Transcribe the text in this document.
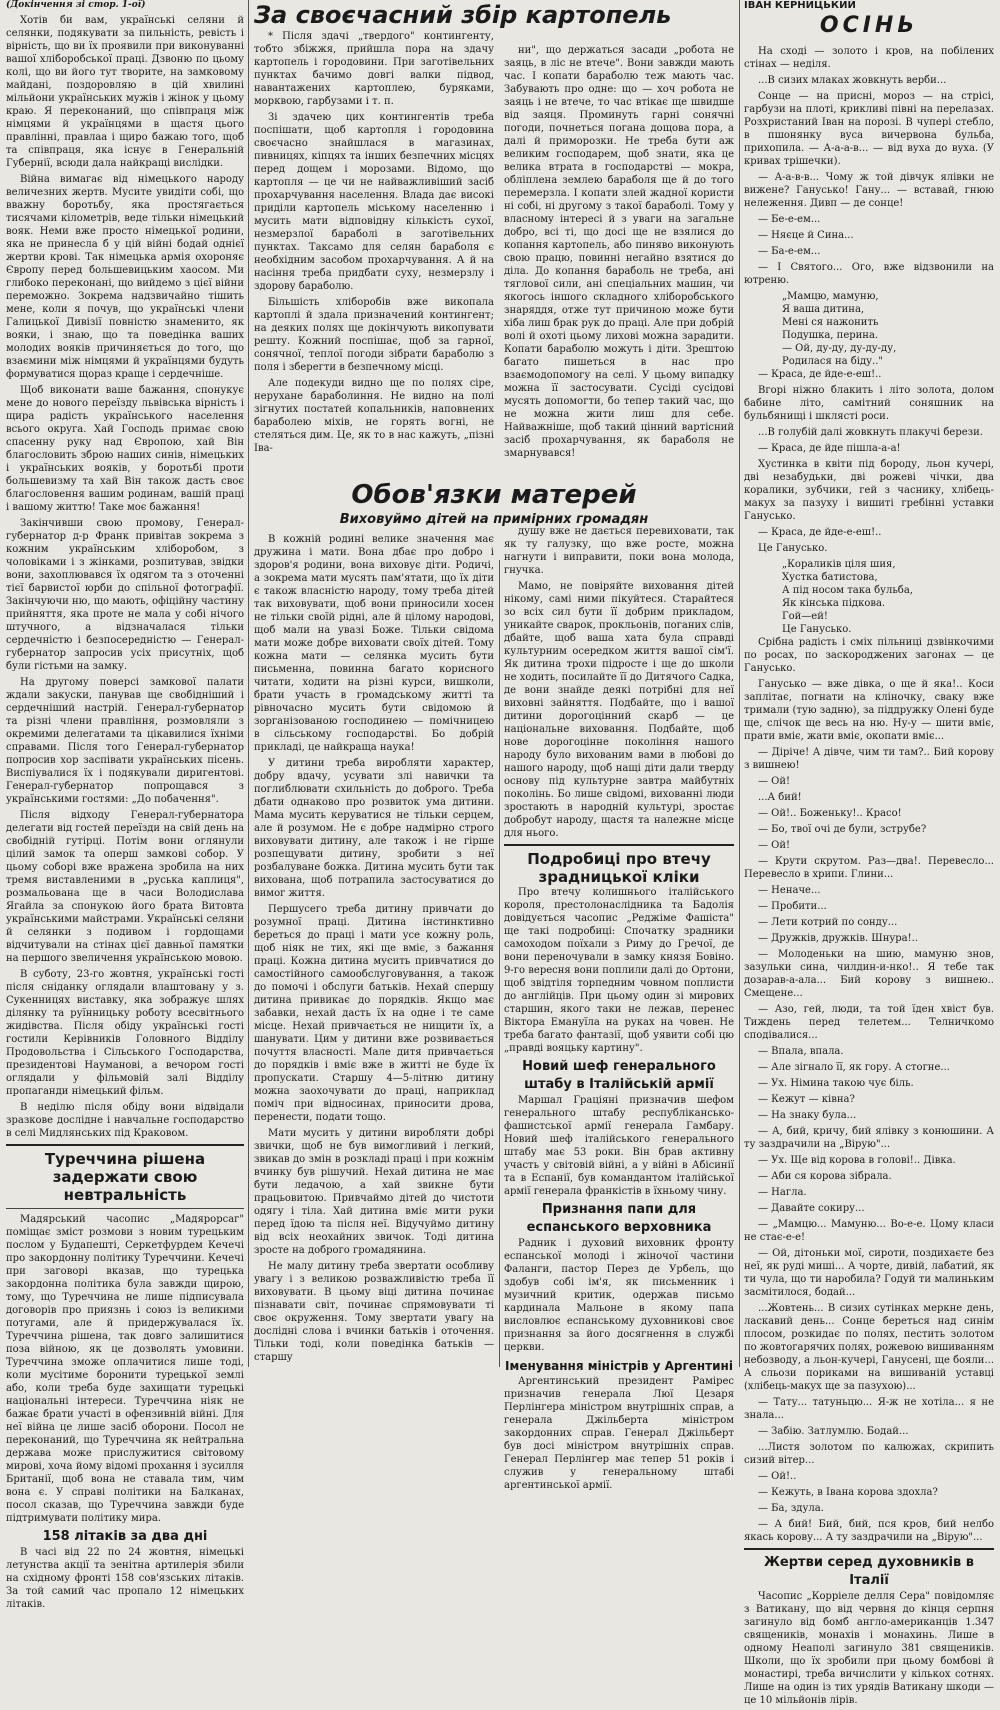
(Докінчення зі стор. 1-ої)

Хотів би вам, українські селяни й селянки, подякувати за пильність, ревість і вірність, що ви їх проявили при виконуванні вашої хліборобської праці. Дзвоню по цьому колі, що ви його тут творите, на замковому майдані, поздоровляю в цій хвилині мільйони українських мужів і жінок у цьому краю. Я переконаний, що співпраця між німцями й українцями в щастя цього правлінні, правлаа і щиро бажаю того, щоб та співпраця, яка існує в Генеральній Губернії, всюди дала найкращі вислідки.

Війна вимагає від німецького народу величезних жертв. Мусите увидіти собі, що вважну боротьбу, яка простягається тисячами кілометрів, веде тільки німецький вояк. Неми вже просто німецької родини, яка не принесла б у цій війні бодай однієї жертви крові. Так німецька армія охороняє Європу перед большевицьким хаосом. Ми глибоко переконані, що вийдемо з цієї війни переможно. Зокрема надзвичайно тішить мене, коли я почув, що українські члени Галицької Дивізії повністю знаменито, як вояки, і знаю, що та поведінка ваших молодих вояків причиняється до того, що взаємини між німцями й українцями будуть формуватися щораз краще і сердечніше.

Щоб виконати ваше бажання, спонукує мене до нового переїзду львівська вірність і щира радість українського населення всього округа. Хай Господь примає свою спасенну руку над Європою, хай Він благословить зброю наших синів, німецьких і українських вояків, у боротьбі проти большевизму та хай Він також дасть своє благословення вашим родинам, вашій праці і вашому життю! Таке моє бажання!

Закінчивши свою промову, Генерал-губернатор д-р Франк привітав зокрема з кожним українським хліборобом, з чоловіками і з жінками, розпитував, звідки вони, захоплювався їх одягом та з оточенні тієї барвистої юрби до спільної фотографії. Закінчуючи ню, що мають, офіційну частину прийняття, яка проте не мала у собі нічого штучного, а відзначалася тільки сердечністю і безпосередністю — Генерал-губернатор запросив усіх присутніх, щоб були гістьми на замку.

На другому поверсі замкової палати ждали закуски, панував ще свобідніший і сердечніший настрій. Генерал-губернатор та різні члени правління, розмовляли з окремими делегатами та цікавилися їхніми справами. Після того Генерал-губернатор попросив хор заспівати українських пісень. Виспіувалися їх і подякували диригентові. Генерал-губернатор попрощався з українськими гостями: „До побачення".

Після відходу Генерал-губернатора делегати від гостей переїзди на свій день на свобідній гутірці. Потім вони оглянули цілий замок та оперш замкові собор. У цьому соборі вже вражена зробила на них тремя виставленими в „руська каплиця", розмальована ще в часи Володислава Ягайла за спонукою його брата Витовта українськими майстрами. Українські селяни й селянки з подивом і гордощами відчитували на стінах цієї давньої памятки на першого звеличення українською мовою.

В суботу, 23-го жовтня, українські гості після сніданку оглядали влаштовану у з. Сукенницях виставку, яка зображує шлях ділянку та руїнницьку роботу всесвітнього жидівства. Після обіду українські гості гостили Керівників Головного Відділу Продовольства і Сільського Господарства, президентові Науманові, а вечором гості оглядали у фільмовій залі Відділу пропаганди німецький фільм.

В неділю після обіду вони відвідали зразкове дослідне і навчальне господарство в селі Мидлянських під Краковом.

Туреччина рішена задержати свою невтральність

Мадярський часопис „Мадярорсаг" поміщає зміст розмови з новим турецьким послом у Будапешті, Серкетфурдем Кечечі про закордонну політику Туреччини. Кечечі при заговорі вказав, що турецька закордонна політика була завжди щирою, тому, що Туреччина не лише підписувала договорів про приязнь і союз із великими потугами, але й придержувалася їх. Туреччина рішена, так довго залишитися поза війною, як це дозволять умовини. Туреччина зможе оплачитися лише тоді, коли мусітиме боронити турецької землі або, коли треба буде захищати турецькі національні інтереси. Туреччина ніяк не бажає брати участі в офензивній війні. Для неї війна це лише засіб оборони. Посол не переконаний, що Туреччина як нейтральна держава може прислужитися світовому мирові, хоча йому відомі прохання і зусилля Британії, щоб вона не ставала тим, чим вона є. У справі політики на Балканах, посол сказав, що Туреччина завжди буде підтримувати політику мира.

158 літаків за два дні

В часі від 22 по 24 жовтня, німецькі летунства акції та зенітна артилерія збили на східному фронті 158 сов'язських літаків. За той самий час пропало 12 німецьких літаків.

За своєчасний збір картопель

* Після здачі „твердого" контингенту, тобто збіжжя, прийшла пора на здачу картопель і городовини. При заготівельних пунктах бачимо довгі валки підвод, навантажених картоплею, буряками, морквою, гарбузами і т. п.

Зі здачею цих контингентів треба поспішати, щоб картопля і городовина своєчасно знайшлася в магазинах, пивницях, кіпцях та інших безпечних місцях перед дощем і морозами. Відомо, що картопля — це чи не найважливіший засіб прохарчування населення. Влада дає високі приділи картопель міському населенню і мусить мати відповідну кількість сухої, незмерзлої бараболі в заготівельних пунктах. Таксамо для селян бараболя є необхідним засобом прохарчування. А й на насіння треба придбати суху, незмерзлу і здорову бараболю.

Більшість хліборобів вже викопала картоплі й здала призначений контингент; на деяких полях ще докінчують викопувати решту. Кожний поспішає, щоб за гарної, сонячної, теплої погоди зібрати бараболю з поля і зберегти в безпечному місці.

Але подекуди видно ще по полях сіре, нерухане бараболиння. Не видно на полі зігнутих постатей копальників, наповнених бараболею міхів, не горять вогні, не стеляться дим. Це, як то в нас кажуть, „пізні Іва-

Обов'язки матерей
Виховуймо дітей на примірних громадян

В кожній родині велике значення має дружина і мати. Вона дбає про добро і здоров'я родини, вона виховує діти. Родичі, а зокрема мати мусять пам'ятати, що їх діти є також власністю народу, тому треба дітей так виховувати, щоб вони приносили хосен не тільки своїй рідні, але й цілому народові, щоб мали на увазі Боже. Тільки свідома мати може добре виховати своїх дітей. Тому кожна мати — селянка мусить бути письменна, повинна багато корисного читати, ходити на різні курси, вишколи, брати участь в громадському житті та рівночасно мусить бути свідомою й зорганізованою господинею — помічницею в сільському господарстві. Бо добрій прикладі, це найкраща наука!

У дитини треба виробляти характер, добру вдачу, усувати злі навички та поглиблювати схильність до доброго. Треба дбати однаково про розвиток ума дитини. Мама мусить керуватися не тільки серцем, але й розумом. Не є добре надмірно строго виховувати дитину, але також і не гірше розпещувати дитину, зробити з неї розбалуване божка. Дитина мусить бути так вихована, щоб потрапила застосуватися до вимог життя.

Першусего треба дитину привчати до розумної праці. Дитина інстинктивно береться до праці і мати усе кожну роль, щоб ніяк не тих, які ще вміє, з бажання праці. Кожна дитина мусить привчатися до самостійного самообслуговування, а також до помочі і обслуги батьків. Нехай спершу дитина привикає до порядків. Якщо має забавки, нехай дасть їх на одне і те саме місце. Нехай привчається не нищити їх, а шанувати. Цим у дитини вже розвивається почуття власності. Мале дитя привчається до порядків і вміє вже в житті не буде їх пропускати. Старшу 4—5-літню дитину можна заохочувати до праці, наприклад поміч при відносинах, приносити дрова, перенести, подати тощо.

Мати мусить у дитини виробляти добрі звички, щоб не був вимогливий і легкий, звикав до змін в розкладі праці і при кожнім вчинку був рішучий. Нехай дитина не має бути ледачою, а хай звикне бути працьовитою. Привчаймо дітей до чистоти одягу і тіла. Хай дитина вміє мити руки перед їдою та після неї. Відучуймо дитину від всіх неохайних звичок. Тоді дитина зросте на доброго громадянина.

Не малу дитину треба звертати особливу увагу і з великою розважливістю треба її виховувати. В цьому віці дитина починає пізнавати світ, починає спрямовувати ті своє окруження. Тому звертати увагу на дослідні слова і вчинки батьків і оточення. Тільки тоді, коли поведінка батьків — старшу

ни", що держаться засади „робота не заяць, в ліс не втече". Вони завжди мають час. І копати бараболю теж мають час. Забувають про одне: що — хоч робота не заяць і не втече, то час втікає ще швидше від заяця. Проминуть гарні сонячні погоди, почнеться погана дощова пора, а далі й приморозки. Не треба бути аж великим господарем, щоб знати, яка це велика втрата в господарстві — мокра, обліплена землею бараболя ще й до того перемерзла. І копати злей жадної користи ні собі, ні другому з такої бараболі. Тому у власному інтересі й з уваги на загальне добро, всі ті, що досі ще не взялися до копання картопель, або пиняво виконують свою працю, повинні негайно взятися до діла. До копання бараболь не треба, ані тяглової сили, ані спеціальних машин, чи якогось іншого складного хліборобського знаряддя, отже тут причиною може бути хіба лиш брак рук до праці. Але при добрій волі й охоті цьому лихові можна зарадити. Копати бараболю можуть і діти. Зрештою багато пишеться в нас про взаємодопомогу на селі. У цьому випадку можна її застосувати. Сусіді сусідові мусять допомогти, бо тепер такий час, що не можна жити лиш для себе. Найважніше, щоб такий цінний вартісний засіб прохарчування, як бараболя не змарнувався!

душу вже не дається перевиховати, так як ту галузку, що вже росте, можна нагнути і виправити, поки вона молода, гнучка.

Мамо, не повіряйте виховання дітей нікому, самі ними пікуйтеся. Старайтеся зо всіх сил бути її добрим прикладом, уникайте сварок, прокльонів, поганих слів, дбайте, щоб ваша хата була справді культурним осередком життя вашої сім'ї. Як дитина трохи підросте і ще до школи не ходить, посилайте її до Дитячого Садка, де вони знайде деякі потрібні для неї виховні зайняття. Подбайте, що і вашої дитини дорогоцінний скарб — це національне виховання. Подбайте, щоб нове дорогоцінне покоління нашого народу було вихованим вами в любові до нашого народу, щоб нащі діти дали тверду основу під культурне завтра майбутніх поколінь. Бо лише свідомі, вихованні люди зростають в народній культурі, зростає добробут народу, щастя та належне місце для нього.

Подробиці про втечу зрадницької кліки

Про втечу колишнього італійського короля, престолонаслідника та Бадолія довідується часопис „Реджіме Фашіста" ще такі подробиці: Спочатку зрадники самоходом поїхали з Риму до Гречої, де вони переночували в замку князя Бовіно. 9-го вересня вони поплили далі до Ортони, щоб звідтіля торпедним човном поплисти до англійців. При цьому один зі мирових старшин, якого таки не лежав, перенес Віктора Емануїла на руках на човен. Не треба багато фантазії, щоб уявити собі цю „правді вояцьку картину".

Новий шеф генерального штабу в Італійській армії

Маршал Граціяні призначив шефом генерального штабу республікансько-фашистської армії генерала Гамбару. Новий шеф італійського генерального штабу має 53 роки. Він брав активну участь у світовій війні, а у війні в Абісинії та в Еспанії, був командантом італійської армії генерала франкістів в їхньому чину.

Признання папи для еспанського верховника

Радник і духовий виховник фронту еспанської молоді і жіночої частини Фаланги, пастор Перез де Урбель, що здобув собі ім'я, як письменник і музичний критик, одержав письмо кардинала Мальоне в якому папа висловлює еспанському духовникові своє признання за його досягнення в службі церкви.

Іменування міністрів у Аргентині

Аргентинський президент Раміреc призначив генерала Люї Цезаря Перлінгера міністром внутрішніх справ, а генерала Джільберта міністром закордонних справ. Генерал Джільберт був досі міністром внутрішніх справ. Генерал Перлінгер має тепер 51 років і служив у генеральному штабі аргентинської армії.

ІВАН КЕРНИЦЬКИЙ
ОСІНЬ

На сході — золото і кров, на побілених стінах — неділя.

...В сизих млаках жовкнуть верби...

Сонце — на присні, мороз — на стрісі, гарбузи на плоті, крикливі півні на перелазах. Розхристаний Іван на порозі. В чупері стебло, в пшонянку вуса вичервона бульба, прихопила. — А-а-а-в... — від вуха до вуха. (У кривах трішечки).

— А-а-в-в... Чому ж той дівчук ялівки не вижене? Ганусько! Гану... — вставай, гнюю нележення. Дивп — де сонце!

— Бе-е-ем...

— Няєце й Сина...

— Ба-е-ем...

— І Святого... Ого, вже відзвонили на ютреню.

„Мамцю, мамуню,

Я ваша дитина,

Мені ся нажонить

Подушка, перина.

— Ой, ду-ду, ду-ду-ду,

Родилася на біду.."

— Краса, де йде-е-еш!..

Вгорі ніжно блакить і літо золота, долом бабине літо, самітний соняшник на бульбянищі і шклясті роси.

...В голубій далі жовкнуть плакучі берези.

— Краса, де йде пішла-а-а!

Хустинка в квіти під бороду, льон кучері, дві незабудьки, дві рожеві чічки, два коралики, зубчики, гей з часнику, хлібець-макух за пазуху і вишиті гребінні уставки Ганусько.

— Краса, де йде-е-еш!..

Це Ганусько.

„Кораликів ціля шия,

Хустка батистова,

А під носом така бульба,

Як кінська підкова.

Гой—ей!

Це Ганусько.

Срібна радість і сміх пільниці дзвінкочими по росах, по заскороджених загонах — це Ганусько.

Ганусько — вже дівка, о ще й яка!.. Коси заплітає, погнати на кліночку, сваку вже тримали (тую задню), за піддружку Олені буде ще, слічок ще весь на ню. Ну-у — шити вміє, прати вміє, жати вміє, окопати вміє...

— Діріче! А дівче, чим ти там?.. Бий корову з вишнею!

— Ой!

...А бий!

— Ой!.. Боженьку!.. Красо!

— Бо, твої очі де були, зструбе?

— Ой!

— Крути скрутом. Раз—два!. Перевесло... Перевесло в хрипи. Глини...

— Неначе...

— Пробити...

— Лети котрий по сонду...

— Дружків, дружків. Шнура!..

— Молоденьки на шию, мамуню знов, зазульки сина, чилдин-и-нко!.. Я тебе так дозарав-а-ала... Бий корову з вишнею.. Смещене...

— Азо, гей, люди, та той їден хвіст був. Тиждень перед телетем... Телничкомо сподівалися...

— Впала, впала.

— Але зігнало її, як гору. А стогне...

— Ух. Німина такою чує біль.

— Кежут — ківна?

— На знаку була...

— А, бий, кричу, бий ялівку з конюшини. А ту заздрачили на „Вірую"...

— Ух. Ще від корова в голові!.. Дівка.

— Аби ся корова зібрала.

— Нагла.

— Давайте сокиру...

— „Мамцю... Мамуню... Во-е-е. Цому класи не стає-е-е!

— Ой, дітоньки мої, сироти, поздихаєте без неї, як руді миші... А чорте, дивій, лабатий, як ти чула, що ти наробила? Годуй ти малиньким засмітилося, бодай...

...Жовтень... В сизих сутінках меркне день, ласкавий день... Сонце береться над синім плосом, розкидає по полях, пестить золотом по жовтогарячих полях, рожевою вишиванням небозводу, а льон-кучері, Ганусені, ще бояли... А сльози пориками на вишиваній уставці (хлібець-макух ще за пазухою)...

— Тату... татуньцю... Я-ж не хотіла... я не знала...

— Забію. Затлумлю. Бодай...

...Листя золотом по калюжах, скрипить сизий вітер...

— Ой!..

— Кежуть, в Івана корова здохла?

— Ба, здула.

— А бий! Бий, бий, пся кров, бий нелбо якась корову... А ту заздрачили на „Вірую"...

Жертви серед духовників в Італії

Часопис „Корріеле делля Сера" повідомляє з Ватикану, що від червня до кінця серпня загинуло від бомб англо-американців 1.347 священиків, монахів і монахинь. Лише в одному Неаполі загинуло 381 священиків. Школи, що їх зробили при цьому бомбові й монастирі, треба вичислити у кількох сотнях. Лише на один із тих урядів Ватикану шкоди — це 10 мільйонів лірів.
